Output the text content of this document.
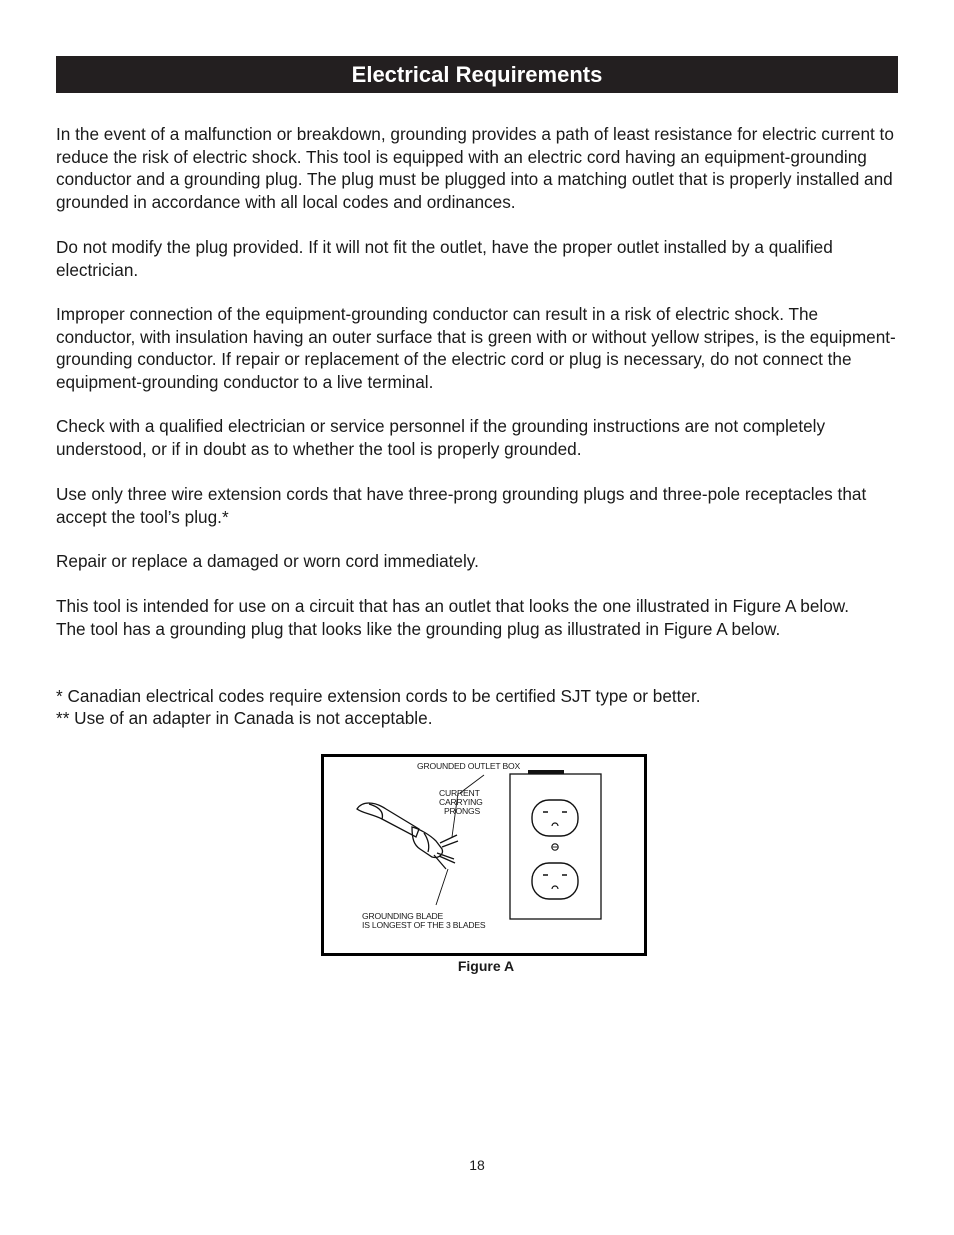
Electrical Requirements

In the event of a malfunction or breakdown, grounding provides a path of least resistance for electric current to reduce the risk of electric shock. This tool is equipped with an electric cord having an equipment-grounding conductor and a grounding plug. The plug must be plugged into a matching outlet that is properly installed and grounded in accordance with all local codes and ordinances.

Do not modify the plug provided. If it will not fit the outlet, have the proper outlet installed by a qualified electrician.

Improper connection of the equipment-grounding conductor can result in a risk of electric shock. The conductor, with insulation having an outer surface that is green with or without yellow stripes, is the equipment-grounding conductor. If repair or replacement of the electric cord or plug is necessary, do not connect the equipment-grounding conductor to a live terminal.

Check with a qualified electrician or service personnel if the grounding instructions are not completely understood, or if in doubt as to whether the tool is properly grounded.

Use only three wire extension cords that have three-prong grounding plugs and three-pole receptacles that accept the tool’s plug.*

Repair or replace a damaged or worn cord immediately.

This tool is intended for use on a circuit that has an outlet that looks the one illustrated in Figure A below. The tool has a grounding plug that looks like the grounding plug as illustrated in Figure A below.

* Canadian electrical codes require extension cords to be certified SJT type or better.

** Use of an adapter in Canada is not acceptable.

GROUNDED OUTLET BOX
CURRENT
CARRYING
PRONGS
GROUNDING BLADE
IS LONGEST OF THE 3 BLADES
Figure A
18
